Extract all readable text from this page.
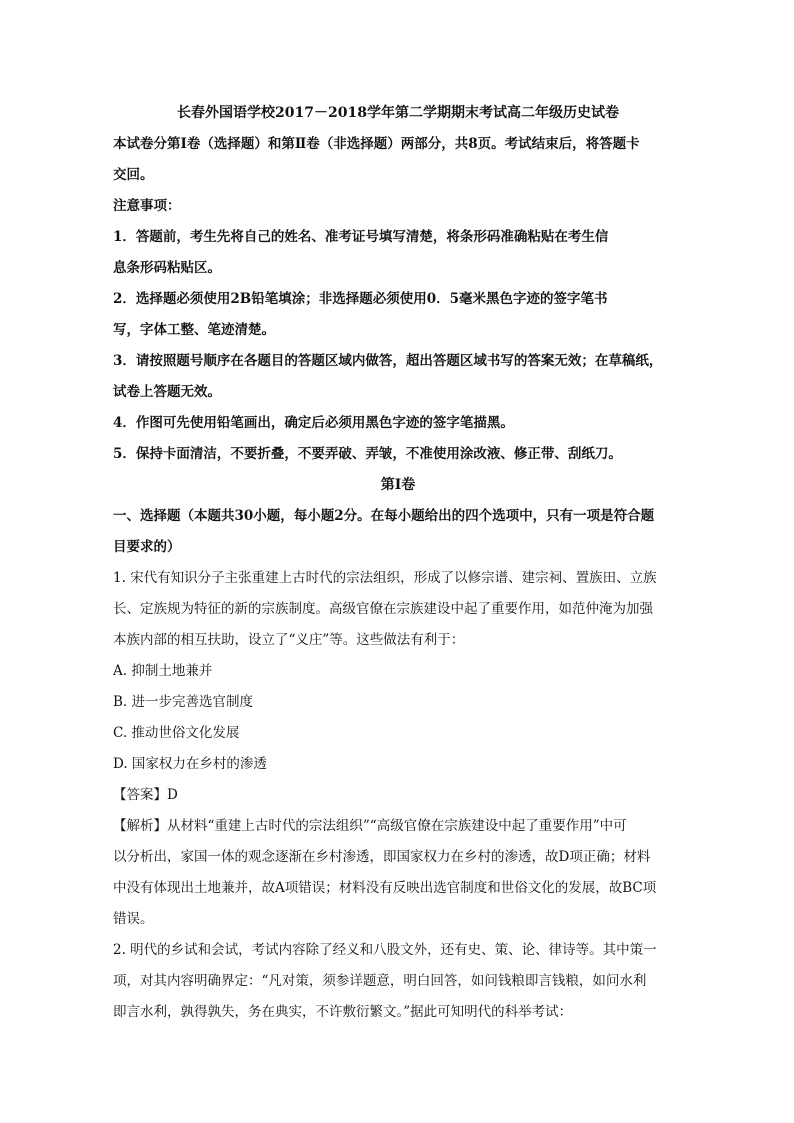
长春外国语学校2017－2018学年第二学期期末考试高二年级历史试卷
本试卷分第Ⅰ卷（选择题）和第Ⅱ卷（非选择题）两部分，共8页。考试结束后，将答题卡
交回。
注意事项：
1．答题前，考生先将自己的姓名、准考证号填写清楚，将条形码准确粘贴在考生信
息条形码粘贴区。
2．选择题必须使用2B铅笔填涂；非选择题必须使用0．5毫米黑色字迹的签字笔书
写，字体工整、笔迹清楚。
3．请按照题号顺序在各题目的答题区域内做答，超出答题区域书写的答案无效；在草稿纸，
试卷上答题无效。
4．作图可先使用铅笔画出，确定后必须用黑色字迹的签字笔描黑。
5．保持卡面清洁，不要折叠，不要弄破、弄皱，不准使用涂改液、修正带、刮纸刀。
第Ⅰ卷
一、选择题（本题共30小题，每小题2分。在每小题给出的四个选项中，只有一项是符合题
目要求的）
1. 宋代有知识分子主张重建上古时代的宗法组织，形成了以修宗谱、建宗祠、置族田、立族
长、定族规为特征的新的宗族制度。高级官僚在宗族建设中起了重要作用，如范仲淹为加强
本族内部的相互扶助，设立了“义庄”等。这些做法有利于：
A. 抑制土地兼并
B. 进一步完善选官制度
C. 推动世俗文化发展
D. 国家权力在乡村的渗透
【答案】D
【解析】从材料“重建上古时代的宗法组织”“高级官僚在宗族建设中起了重要作用”中可
以分析出，家国一体的观念逐渐在乡村渗透，即国家权力在乡村的渗透，故D项正确；材料
中没有体现出土地兼并，故A项错误；材料没有反映出选官制度和世俗文化的发展，故BC项
错误。
2. 明代的乡试和会试，考试内容除了经义和八股文外，还有史、策、论、律诗等。其中策一
项，对其内容明确界定：“凡对策，须参详题意，明白回答，如问钱粮即言钱粮，如问水利
即言水利，孰得孰失，务在典实，不许敷衍繁文。”据此可知明代的科举考试：
